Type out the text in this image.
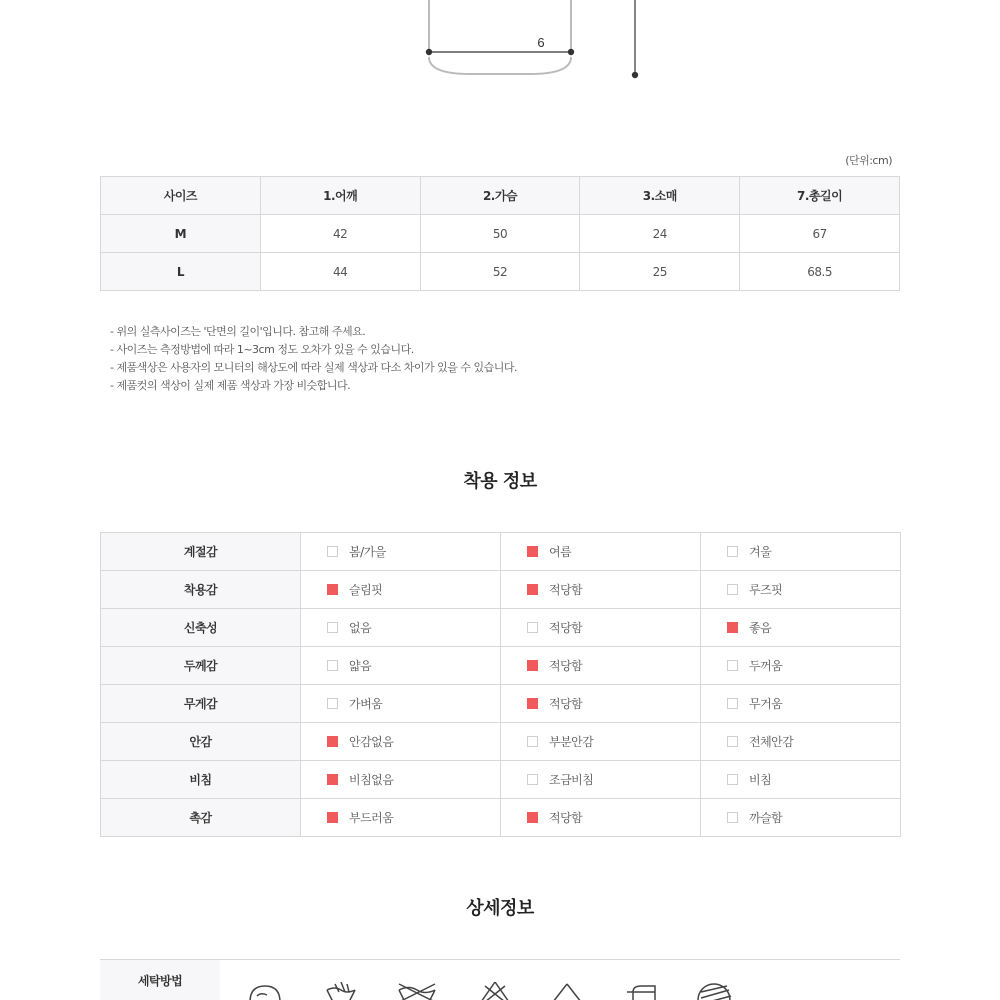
6
(단위:cm)
사이즈	1.어깨	2.가슴	3.소매	7.총길이
M	42	50	24	67
L	44	52	25	68.5
- 위의 실측사이즈는 '단면의 길이'입니다. 참고해 주세요.
- 사이즈는 측정방법에 따라 1~3cm 정도 오차가 있을 수 있습니다.
- 제품색상은 사용자의 모니터의 해상도에 따라 실제 색상과 다소 차이가 있을 수 있습니다.
- 제품컷의 색상이 실제 제품 색상과 가장 비슷합니다.
착용 정보
계절감	봄/가을	여름	겨울
착용감	슬림핏	적당함	루즈핏
신축성	없음	적당함	좋음
두께감	얇음	적당함	두꺼움
무게감	가벼움	적당함	무거움
안감	안감없음	부분안감	전체안감
비침	비침없음	조금비침	비침
촉감	부드러움	적당함	까슬함
상세정보
세탁방법
